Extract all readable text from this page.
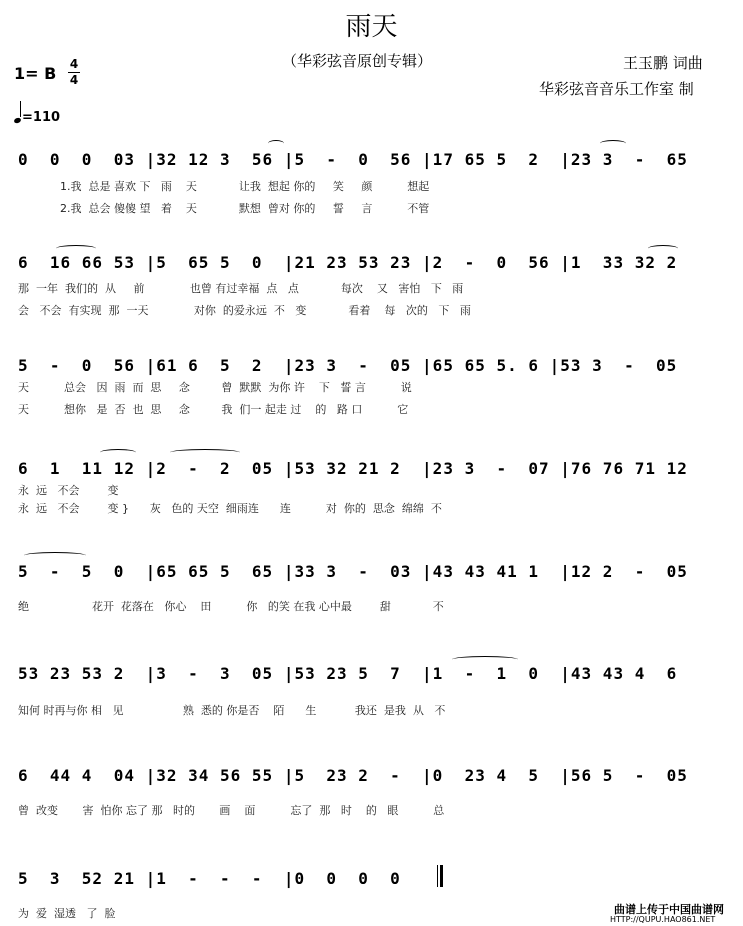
雨天
（华彩弦音原创专辑）	王玉鹏 词曲
华彩弦音音乐工作室 制
1= B 4
4
=110
0  0  0  03 |32 12 3  56 |5  -  0  56 |17 65 5  2  |23 3  -  65
1.我  总是 喜欢 下   雨    天            让我  想起 你的     笑     颜          想起
2.我  总会 傻傻 望   着    天            默想  曾对 你的     誓     言          不管
6  16 66 53 |5  65 5  0  |21 23 53 23 |2  -  0  56 |1  33 32 2
那  一年  我们的  从     前             也曾 有过幸福  点   点            每次    又   害怕   下   雨
会   不会  有实现  那  一天             对你  的爱永远  不   变            看着    每   次的   下   雨
5  -  0  56 |61 6  5  2  |23 3  -  05 |65 65 5. 6 |53 3  -  05
天          总会   因  雨  而  思     念         曾  默默  为你 许    下   誓 言          说
天          想你   是  否  也  思     念         我  们一 起走 过    的   路 口          它
6  1  11 12 |2  -  2  05 |53 32 21 2  |23 3  -  07 |76 76 71 12
永  远   不会        变
永  远   不会        变 }      灰   色的 天空  细雨连      连          对  你的  思念  绵绵  不
5  -  5  0  |65 65 5  65 |33 3  -  03 |43 43 41 1  |12 2  -  05
绝                  花开  花落在   你心    田          你   的笑 在我 心中最        甜            不
53 23 53 2  |3  -  3  05 |53 23 5  7  |1  -  1  0  |43 43 4  6
知何 时再与你 相   见                 熟  悉的 你是否    陌      生           我还  是我  从   不
6  44 4  04 |32 34 56 55 |5  23 2  -  |0  23 4  5  |56 5  -  05
曾  改变       害  怕你 忘了 那   时的       画    面          忘了  那   时    的   眼          总
5  3  52 21 |1  -  -  -  |0  0  0  0
为  爱  湿透   了  脸	曲谱上传于中国曲谱网
HTTP://QUPU.HAO861.NET
